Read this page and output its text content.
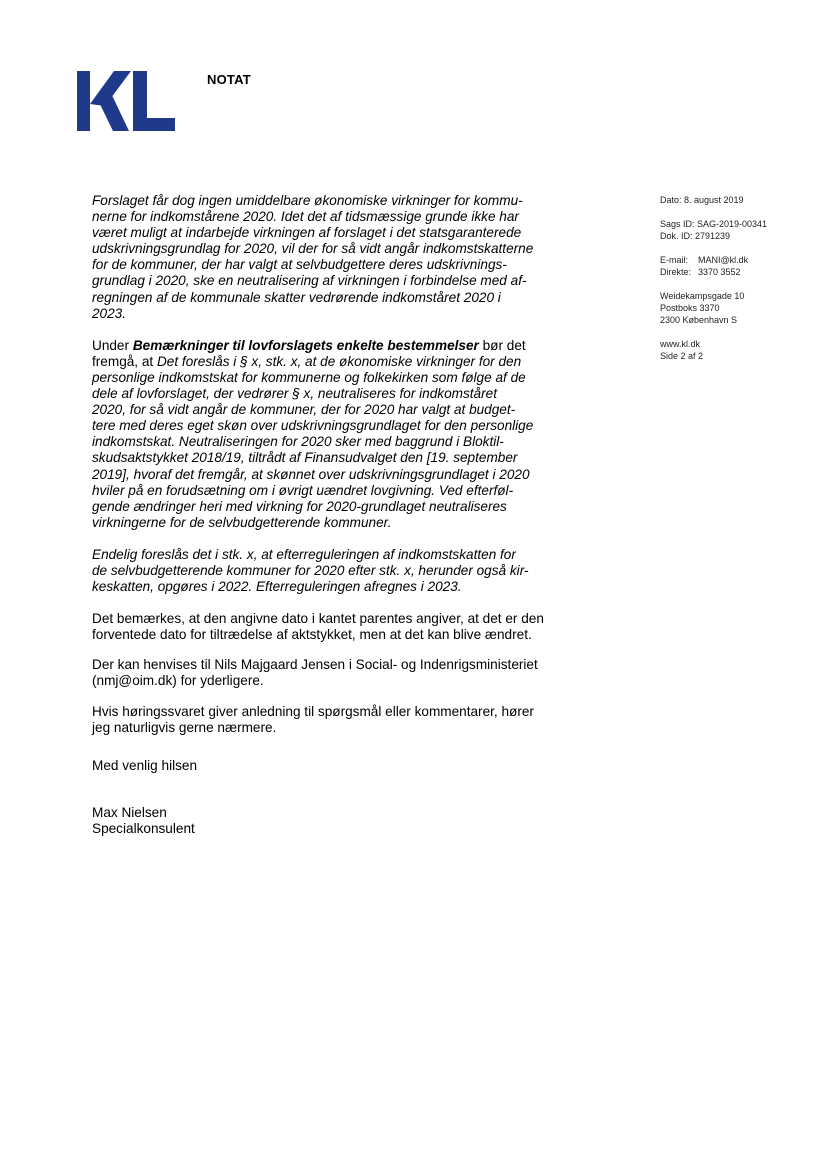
NOTAT

Forslaget får dog ingen umiddelbare økonomiske virkninger for kommu-
nerne for indkomstårene 2020. Idet det af tidsmæssige grunde ikke har
været muligt at indarbejde virkningen af forslaget i det statsgaranterede
udskrivningsgrundlag for 2020, vil der for så vidt angår indkomstskatterne
for de kommuner, der har valgt at selvbudgettere deres udskrivnings-
grundlag i 2020, ske en neutralisering af virkningen i forbindelse med af-
regningen af de kommunale skatter vedrørende indkomståret 2020 i
2023.

Under Bemærkninger til lovforslagets enkelte bestemmelser bør det
fremgå, at Det foreslås i § x, stk. x, at de økonomiske virkninger for den
personlige indkomstskat for kommunerne og folkekirken som følge af de
dele af lovforslaget, der vedrører § x, neutraliseres for indkomståret
2020, for så vidt angår de kommuner, der for 2020 har valgt at budget-
tere med deres eget skøn over udskrivningsgrundlaget for den personlige
indkomstskat. Neutraliseringen for 2020 sker med baggrund i Bloktil-
skudsaktstykket 2018/19, tiltrådt af Finansudvalget den [19. september
2019], hvoraf det fremgår, at skønnet over udskrivningsgrundlaget i 2020
hviler på en forudsætning om i øvrigt uændret lovgivning. Ved efterføl-
gende ændringer heri med virkning for 2020-grundlaget neutraliseres
virkningerne for de selvbudgetterende kommuner.

Endelig foreslås det i stk. x, at efterreguleringen af indkomstskatten for
de selvbudgetterende kommuner for 2020 efter stk. x, herunder også kir-
keskatten, opgøres i 2022. Efterreguleringen afregnes i 2023.

Det bemærkes, at den angivne dato i kantet parentes angiver, at det er den
forventede dato for tiltrædelse af aktstykket, men at det kan blive ændret.

Der kan henvises til Nils Majgaard Jensen i Social- og Indenrigsministeriet
(nmj@oim.dk) for yderligere.

Hvis høringssvaret giver anledning til spørgsmål eller kommentarer, hører
jeg naturligvis gerne nærmere.

Med venlig hilsen
Max Nielsen
Specialkonsulent
Dato: 8. august 2019
Sags ID: SAG-2019-00341
Dok. ID: 2791239
E-mail:	MANI@kl.dk
Direkte: 3370 3552
Weidekampsgade 10
Postboks 3370
2300 København S
www.kl.dk
Side 2 af 2
